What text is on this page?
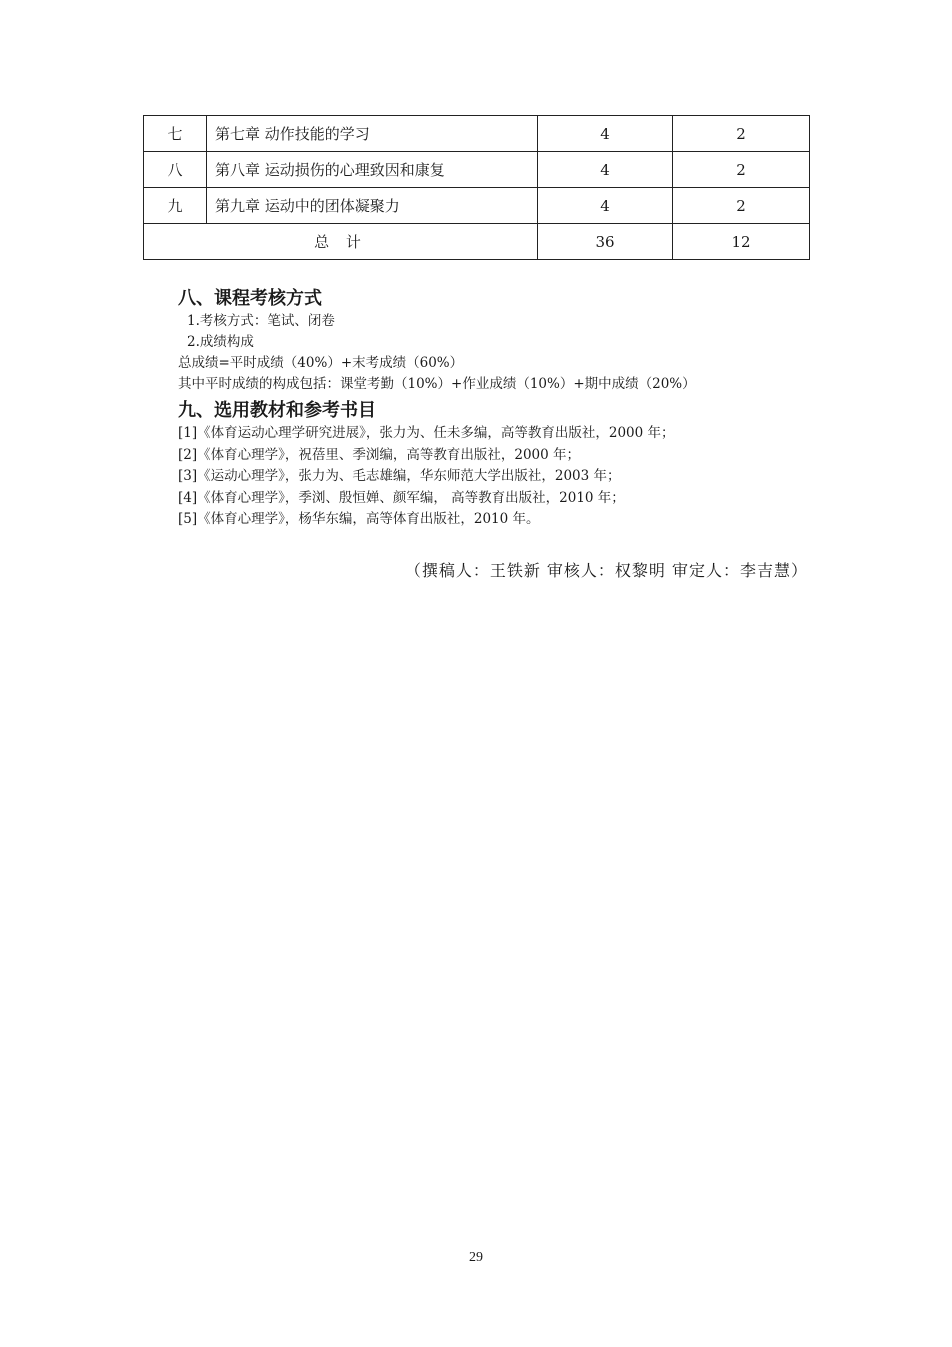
七	第七章 动作技能的学习	4	2
八	第八章 运动损伤的心理致因和康复	4	2
九	第九章 运动中的团体凝聚力	4	2
总 计		36	12
八、课程考核方式

1.考核方式：笔试、闭卷

2.成绩构成

总成绩=平时成绩（40%）+末考成绩（60%）

其中平时成绩的构成包括：课堂考勤（10%）+作业成绩（10%）+期中成绩（20%）

九、选用教材和参考书目

[1]《体育运动心理学研究进展》，张力为、任未多编，高等教育出版社，2000 年；

[2]《体育心理学》，祝蓓里、季浏编，高等教育出版社，2000 年；

[3]《运动心理学》，张力为、毛志雄编，华东师范大学出版社，2003 年；

[4]《体育心理学》，季浏、殷恒婵、颜军编， 高等教育出版社，2010 年；

[5]《体育心理学》，杨华东编，高等体育出版社，2010 年。

（撰稿人：王铁新 审核人：权黎明 审定人：李吉慧）
29
